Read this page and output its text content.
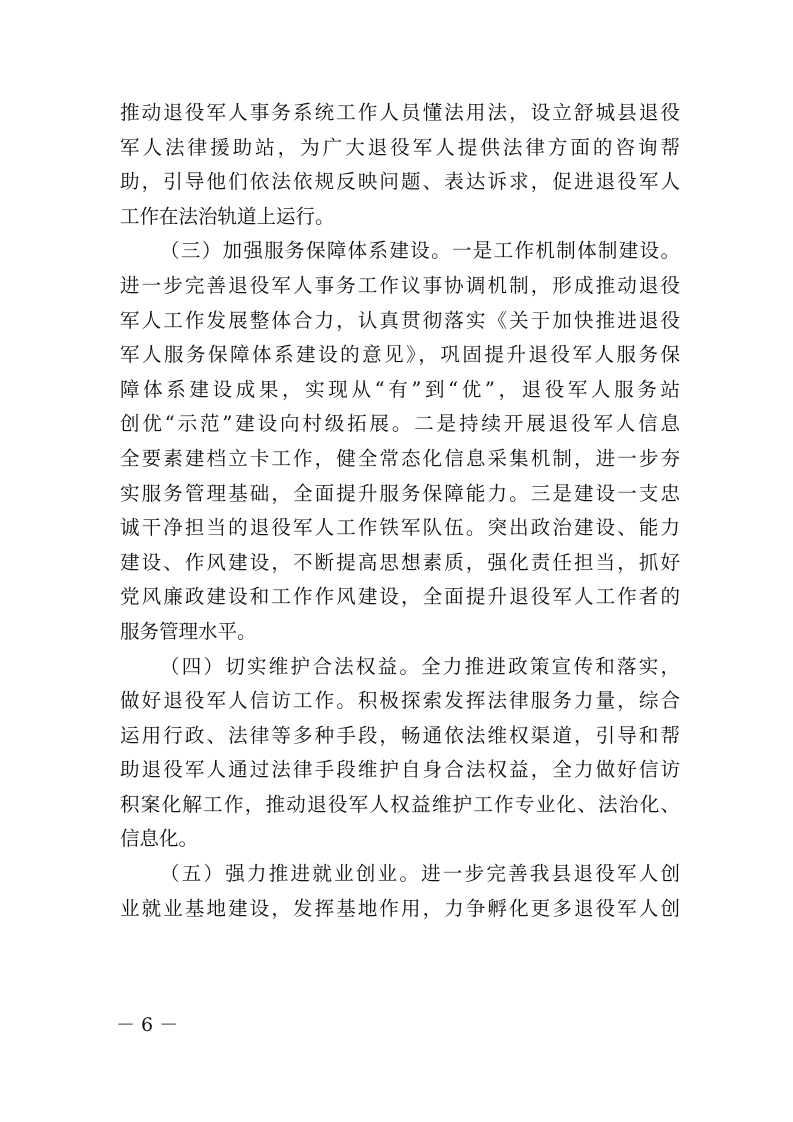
推动退役军人事务系统工作人员懂法用法，设立舒城县退役
军人法律援助站，为广大退役军人提供法律方面的咨询帮
助，引导他们依法依规反映问题、表达诉求，促进退役军人
工作在法治轨道上运行。
（三）加强服务保障体系建设。一是工作机制体制建设。
进一步完善退役军人事务工作议事协调机制，形成推动退役
军人工作发展整体合力，认真贯彻落实《关于加快推进退役
军人服务保障体系建设的意见》，巩固提升退役军人服务保
障体系建设成果，实现从“有”到“优”，退役军人服务站
创优“示范”建设向村级拓展。二是持续开展退役军人信息
全要素建档立卡工作，健全常态化信息采集机制，进一步夯
实服务管理基础，全面提升服务保障能力。三是建设一支忠
诚干净担当的退役军人工作铁军队伍。突出政治建设、能力
建设、作风建设，不断提高思想素质，强化责任担当，抓好
党风廉政建设和工作作风建设，全面提升退役军人工作者的
服务管理水平。
（四）切实维护合法权益。全力推进政策宣传和落实，
做好退役军人信访工作。积极探索发挥法律服务力量，综合
运用行政、法律等多种手段，畅通依法维权渠道，引导和帮
助退役军人通过法律手段维护自身合法权益，全力做好信访
积案化解工作，推动退役军人权益维护工作专业化、法治化、
信息化。
（五）强力推进就业创业。进一步完善我县退役军人创
业就业基地建设，发挥基地作用，力争孵化更多退役军人创
－ 6 －
